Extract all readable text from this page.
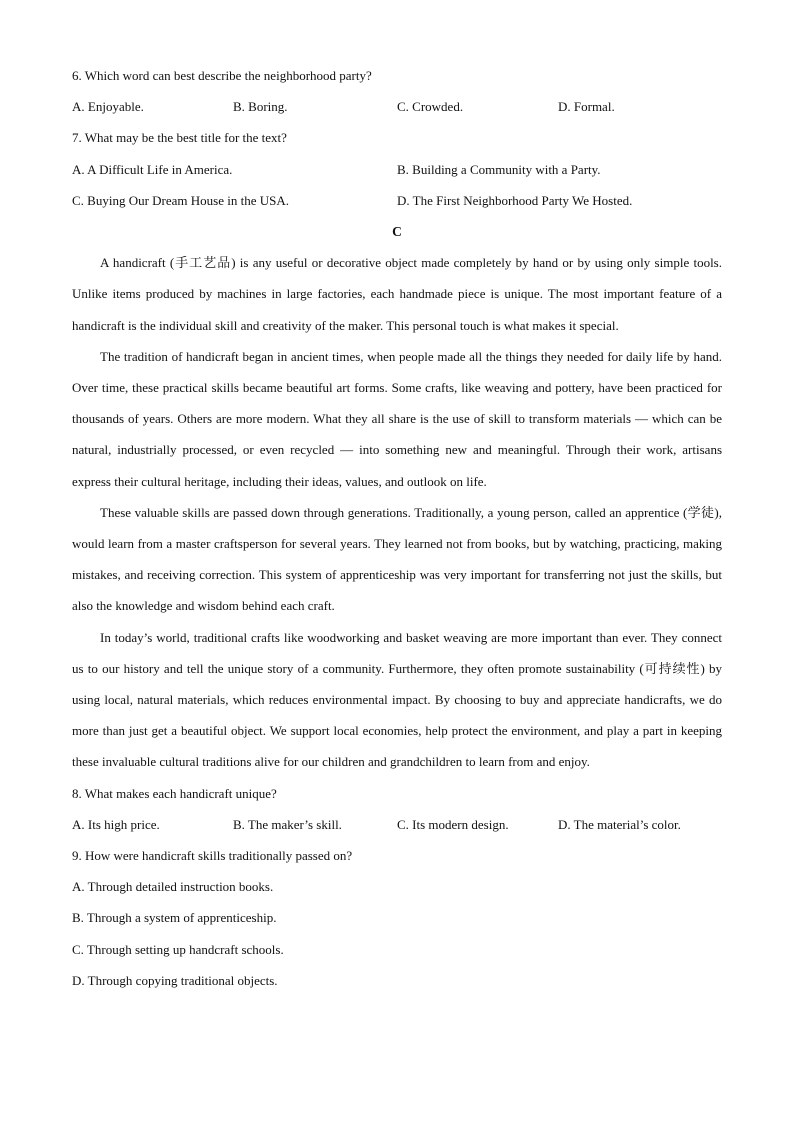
6. Which word can best describe the neighborhood party?
A. Enjoyable.	B. Boring.	C. Crowded.	D. Formal.
7. What may be the best title for the text?
A. A Difficult Life in America.	B. Building a Community with a Party.
C. Buying Our Dream House in the USA.	D. The First Neighborhood Party We Hosted.
C

A handicraft (手工艺品) is any useful or decorative object made completely by hand or by using only simple tools. Unlike items produced by machines in large factories, each handmade piece is unique. The most important feature of a handicraft is the individual skill and creativity of the maker. This personal touch is what makes it special.

The tradition of handicraft began in ancient times, when people made all the things they needed for daily life by hand. Over time, these practical skills became beautiful art forms. Some crafts, like weaving and pottery, have been practiced for thousands of years. Others are more modern. What they all share is the use of skill to transform materials — which can be natural, industrially processed, or even recycled — into something new and meaningful. Through their work, artisans express their cultural heritage, including their ideas, values, and outlook on life.

These valuable skills are passed down through generations. Traditionally, a young person, called an apprentice (学徒), would learn from a master craftsperson for several years. They learned not from books, but by watching, practicing, making mistakes, and receiving correction. This system of apprenticeship was very important for transferring not just the skills, but also the knowledge and wisdom behind each craft.

In today’s world, traditional crafts like woodworking and basket weaving are more important than ever. They connect us to our history and tell the unique story of a community. Furthermore, they often promote sustainability (可持续性) by using local, natural materials, which reduces environmental impact. By choosing to buy and appreciate handicrafts, we do more than just get a beautiful object. We support local economies, help protect the environment, and play a part in keeping these invaluable cultural traditions alive for our children and grandchildren to learn from and enjoy.

8. What makes each handicraft unique?
A. Its high price.	B. The maker’s skill.	C. Its modern design.	D. The material’s color.
9. How were handicraft skills traditionally passed on?
A. Through detailed instruction books.
B. Through a system of apprenticeship.
C. Through setting up handcraft schools.
D. Through copying traditional objects.
